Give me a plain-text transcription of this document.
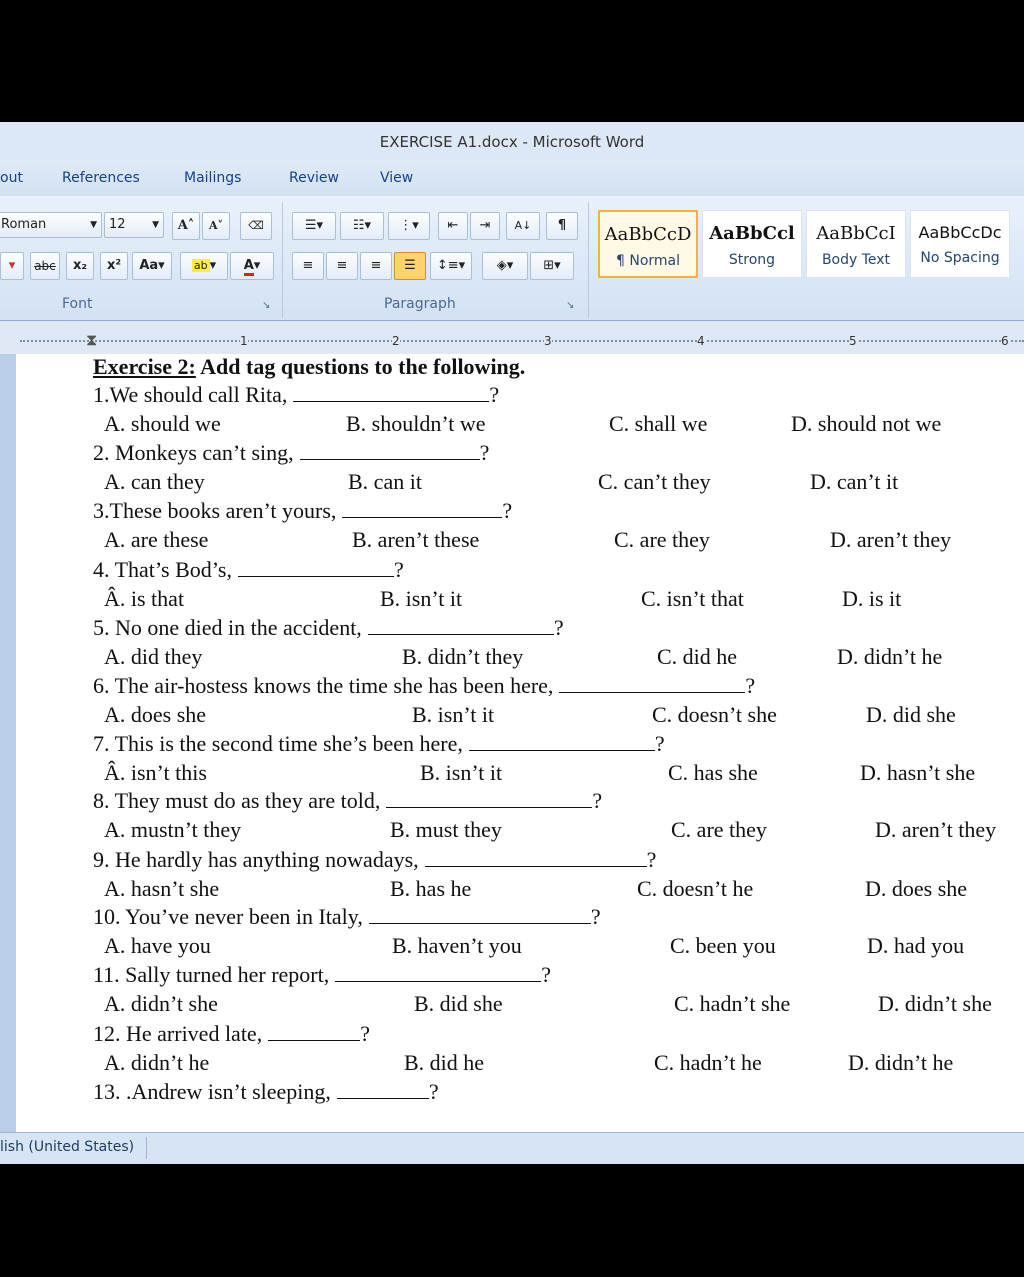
EXERCISE A1.docx - Microsoft Word
out	References	Mailings	Review	View
Roman	▼ 12	▼	A˄	A˅	⌫
▾	abc	x₂	x²	Aa▾	ab ▾	A▾
☰▾	☷▾	⋮▾	⇤	⇥	A↓	¶
≡	≡	≡	☰	↕≡▾	◈▾	⊞▾
AaBbCcD
¶ Normal
AaBbCcl
Strong
AaBbCcI
Body Text
AaBbCcDc
No Spacing
Font	Paragraph
↘	↘
⧗	1	2	3	4	5	6
Exercise 2: Add tag questions to the following.
1.We should call Rita,	?
A. should we	B. shouldn’t we	C. shall we	D. should not we
2. Monkeys can’t sing,	?
A. can they	B. can it	C. can’t they	D. can’t it
3.These books aren’t yours,	?
A. are these	B. aren’t these	C. are they	D. aren’t they
4. That’s Bod’s,	?
Â. is that	B. isn’t it	C. isn’t that	D. is it
5. No one died in the accident,	?
A. did they	B. didn’t they	C. did he	D. didn’t he
6. The air-hostess knows the time she has been here,	?
A. does she	B. isn’t it	C. doesn’t she	D. did she
7. This is the second time she’s been here,	?
Â. isn’t this	B. isn’t it	C. has she	D. hasn’t she
8. They must do as they are told,	?
A. mustn’t they	B. must they	C. are they	D. aren’t they
9. He hardly has anything nowadays,	?
A. hasn’t she	B. has he	C. doesn’t he	D. does she
10. You’ve never been in Italy,	?
A. have you	B. haven’t you	C. been you	D. had you
11. Sally turned her report,	?
A. didn’t she	B. did she	C. hadn’t she	D. didn’t she
12. He arrived late,	?
A. didn’t he	B. did he	C. hadn’t he	D. didn’t he
13. .Andrew isn’t sleeping,	?
lish (United States)
